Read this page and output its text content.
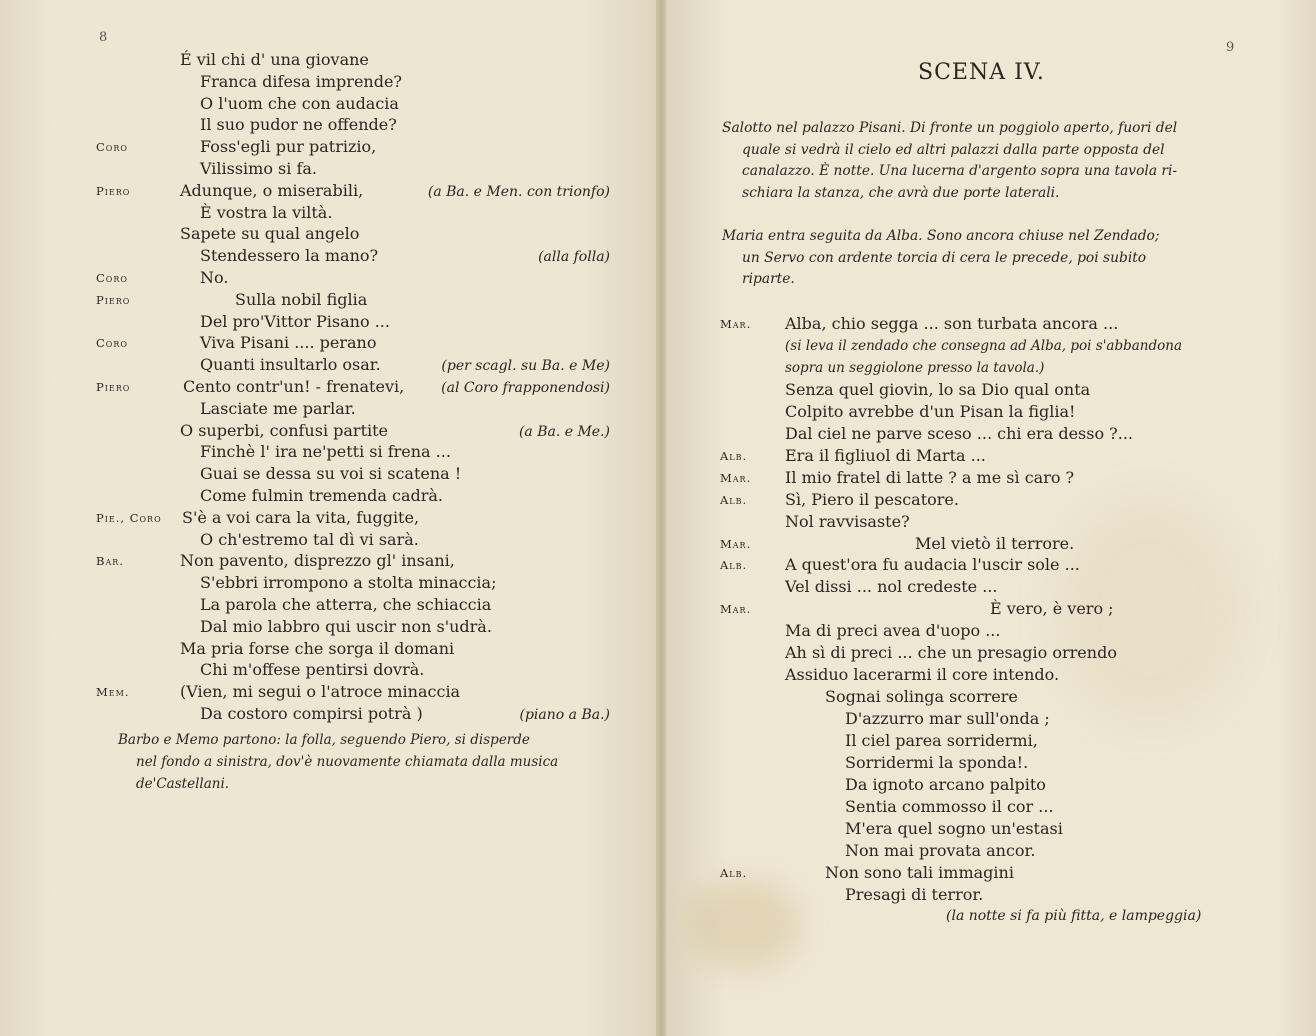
8
9
É vil chi d' una giovane
Franca difesa imprende?
O l'uom che con audacia
Il suo pudor ne offende?
Coro	Foss'egli pur patrizio,
Vilissimo si fa.
Piero	Adunque, o miserabili,	(a Ba. e Men. con trionfo)
È vostra la viltà.
Sapete su qual angelo
Stendessero la mano?	(alla folla)
Coro	No.
Piero	Sulla nobil figlia
Del pro'Vittor Pisano ...
Coro	Viva Pisani .... perano
Quanti insultarlo osar.	(per scagl. su Ba. e Me)
Piero	Cento contr'un! - frenatevi,	(al Coro frapponendosi)
Lasciate me parlar.
O superbi, confusi partite	(a Ba. e Me.)
Finchè l' ira ne'petti si frena ...
Guai se dessa su voi si scatena !
Come fulmin tremenda cadrà.
Pie., Coro S'è a voi cara la vita, fuggite,
O ch'estremo tal dì vi sarà.
Bar.	Non pavento, disprezzo gl' insani,
S'ebbri irrompono a stolta minaccia;
La parola che atterra, che schiaccia
Dal mio labbro qui uscir non s'udrà.
Ma pria forse che sorga il domani
Chi m'offese pentirsi dovrà.
Mem.	(Vien, mi segui o l'atroce minaccia
Da costoro compirsi potrà )	(piano a Ba.)
Barbo e Memo partono: la folla, seguendo Piero, si disperde
nel fondo a sinistra, dov'è nuovamente chiamata dalla musica
de'Castellani.
SCENA IV.
Salotto nel palazzo Pisani. Di fronte un poggiolo aperto, fuori del
quale si vedrà il cielo ed altri palazzi dalla parte opposta del
canalazzo. È notte. Una lucerna d'argento sopra una tavola ri-
schiara la stanza, che avrà due porte laterali.
Maria entra seguita da Alba. Sono ancora chiuse nel Zendado;
un Servo con ardente torcia di cera le precede, poi subito
riparte.
Mar. Alba, chio segga ... son turbata ancora ...
(si leva il zendado che consegna ad Alba, poi s'abbandona
sopra un seggiolone presso la tavola.)
Senza quel giovin, lo sa Dio qual onta
Colpito avrebbe d'un Pisan la figlia!
Dal ciel ne parve sceso ... chi era desso ?...
Alb. Era il figliuol di Marta ...
Mar. Il mio fratel di latte ? a me sì caro ?
Alb. Sì, Piero il pescatore.
Nol ravvisaste?
Mar.	Mel vietò il terrore.
Alb. A quest'ora fu audacia l'uscir sole ...
Vel dissi ... nol credeste ...
Mar.	È vero, è vero ;
Ma di preci avea d'uopo ...
Ah sì di preci ... che un presagio orrendo
Assiduo lacerarmi il core intendo.
Sognai solinga scorrere
D'azzurro mar sull'onda ;
Il ciel parea sorridermi,
Sorridermi la sponda!.
Da ignoto arcano palpito
Sentia commosso il cor ...
M'era quel sogno un'estasi
Non mai provata ancor.
Alb.	Non sono tali immagini
Presagi di terror.
(la notte si fa più fitta, e lampeggia)
